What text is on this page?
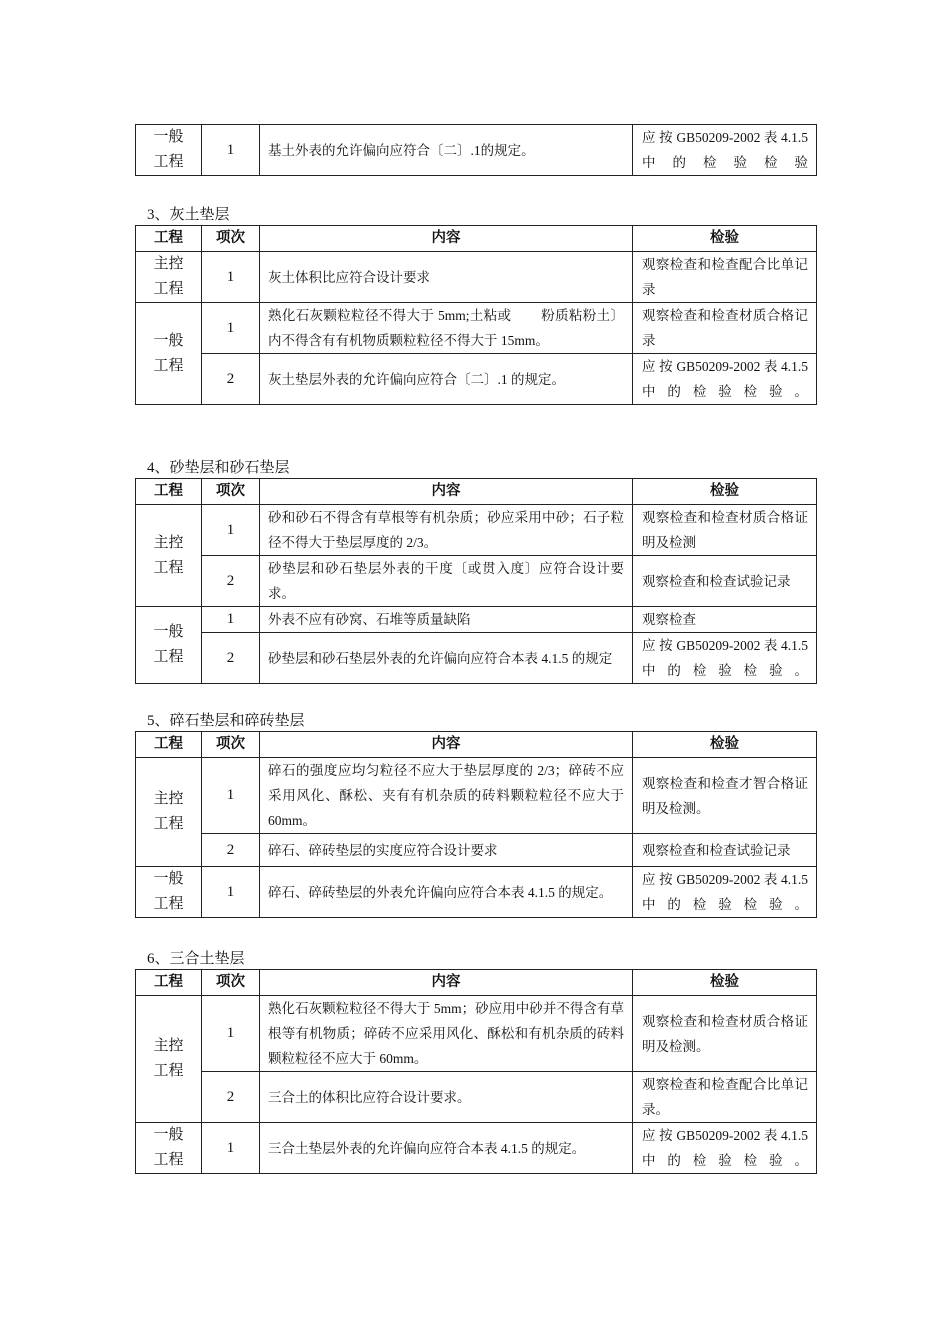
一般工程	1	基土外表的允许偏向应符合〔二〕.1的规定。	应 按 GB50209-2002 表 4.1.5中的检验检验
3、灰土垫层
工程	项次	内容	检验
主控工程	1	灰土体积比应符合设计要求	观察检查和检查配合比单记录
一般工程	1	熟化石灰颗粒粒径不得大于 5mm;土粘或        粉质粘粉土〕内不得含有有机物质颗粒粒径不得大于 15mm。	观察检查和检查材质合格记录
	2	灰土垫层外表的允许偏向应符合〔二〕.1 的规定。	应 按 GB50209-2002 表 4.1.5 中的检验检验。
4、砂垫层和砂石垫层
工程	项次	内容	检验
主控工程	1	砂和砂石不得含有草根等有机杂质；砂应采用中砂；石子粒径不得大于垫层厚度的 2/3。	观察检查和检查材质合格证明及检测
	2	砂垫层和砂石垫层外表的干度〔或贯入度〕应符合设计要求。	观察检查和检查试验记录
一般工程	1	外表不应有砂窝、石堆等质量缺陷	观察检查
	2	砂垫层和砂石垫层外表的允许偏向应符合本表 4.1.5 的规定	应 按 GB50209-2002 表 4.1.5 中的检验检验。
5、碎石垫层和碎砖垫层
工程	项次	内容	检验
主控工程	1	碎石的强度应均匀粒径不应大于垫层厚度的 2/3；碎砖不应采用风化、酥松、夹有有机杂质的砖料颗粒粒径不应大于 60mm。	观察检查和检查才智合格证明及检测。
	2	碎石、碎砖垫层的实度应符合设计要求	观察检查和检查试验记录
一般工程	1	碎石、碎砖垫层的外表允许偏向应符合本表 4.1.5 的规定。	应 按 GB50209-2002 表 4.1.5 中的检验检验。
6、三合土垫层
工程	项次	内容	检验
主控工程	1	熟化石灰颗粒粒径不得大于 5mm；砂应用中砂并不得含有草根等有机物质；碎砖不应采用风化、酥松和有机杂质的砖料颗粒粒径不应大于 60mm。	观察检查和检查材质合格证明及检测。
	2	三合土的体积比应符合设计要求。	观察检查和检查配合比单记录。
一般工程	1	三合土垫层外表的允许偏向应符合本表 4.1.5 的规定。	应 按 GB50209-2002 表 4.1.5 中的检验检验。
